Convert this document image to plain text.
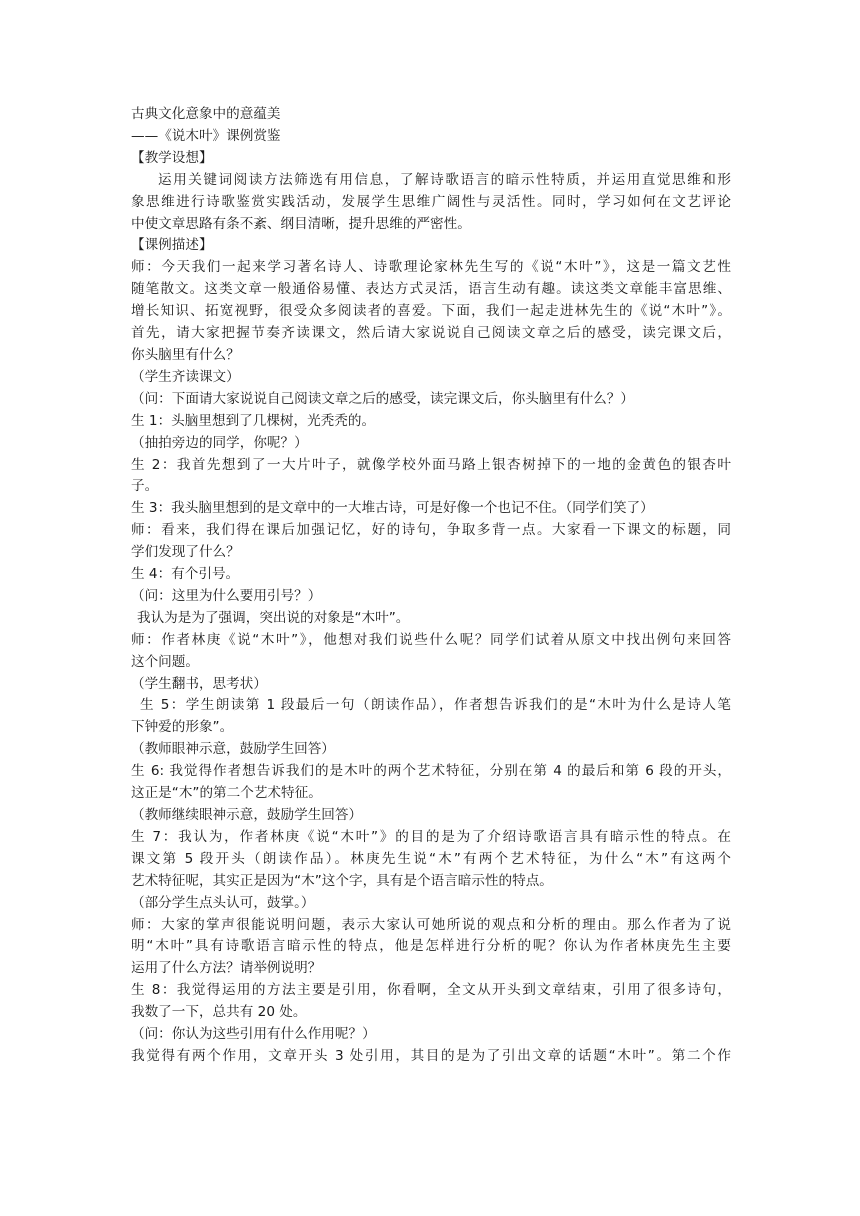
古典文化意象中的意蕴美

——《说木叶》课例赏鉴

【教学设想】

运用关键词阅读方法筛选有用信息，了解诗歌语言的暗示性特质，并运用直觉思维和形

象思维进行诗歌鉴赏实践活动，发展学生思维广阔性与灵活性。同时，学习如何在文艺评论

中使文章思路有条不紊、纲目清晰，提升思维的严密性。

【课例描述】

师：今天我们一起来学习著名诗人、诗歌理论家林先生写的《说“木叶”》，这是一篇文艺性

随笔散文。这类文章一般通俗易懂、表达方式灵活，语言生动有趣。读这类文章能丰富思维、

增长知识、拓宽视野，很受众多阅读者的喜爱。下面，我们一起走进林先生的《说“木叶”》。

首先，请大家把握节奏齐读课文，然后请大家说说自己阅读文章之后的感受，读完课文后，

你头脑里有什么？

（学生齐读课文）

（问：下面请大家说说自己阅读文章之后的感受，读完课文后，你头脑里有什么？）

生 1：头脑里想到了几棵树，光秃秃的。

（抽拍旁边的同学，你呢？）

生 2：我首先想到了一大片叶子，就像学校外面马路上银杏树掉下的一地的金黄色的银杏叶

子。

生 3：我头脑里想到的是文章中的一大堆古诗，可是好像一个也记不住。（同学们笑了）

师：看来，我们得在课后加强记忆，好的诗句，争取多背一点。大家看一下课文的标题，同

学们发现了什么？

生 4：有个引号。

（问：这里为什么要用引号？）

我认为是为了强调，突出说的对象是“木叶”。

师：作者林庚《说“木叶”》，他想对我们说些什么呢？同学们试着从原文中找出例句来回答

这个问题。

（学生翻书，思考状）

生 5：学生朗读第 1 段最后一句（朗读作品），作者想告诉我们的是“木叶为什么是诗人笔

下钟爱的形象”。

（教师眼神示意，鼓励学生回答）

生 6: 我觉得作者想告诉我们的是木叶的两个艺术特征，分别在第 4 的最后和第 6 段的开头，

这正是“木”的第二个艺术特征。

（教师继续眼神示意，鼓励学生回答）

生 7：我认为，作者林庚《说“木叶”》的目的是为了介绍诗歌语言具有暗示性的特点。在

课文第 5 段开头（朗读作品）。林庚先生说“木”有两个艺术特征，为什么“木”有这两个

艺术特征呢，其实正是因为“木”这个字，具有是个语言暗示性的特点。

（部分学生点头认可，鼓掌。）

师：大家的掌声很能说明问题，表示大家认可她所说的观点和分析的理由。那么作者为了说

明“木叶”具有诗歌语言暗示性的特点，他是怎样进行分析的呢？你认为作者林庚先生主要

运用了什么方法？请举例说明？

生 8：我觉得运用的方法主要是引用，你看啊，全文从开头到文章结束，引用了很多诗句，

我数了一下，总共有 20 处。

（问：你认为这些引用有什么作用呢？）

我觉得有两个作用，文章开头 3 处引用，其目的是为了引出文章的话题“木叶”。第二个作
